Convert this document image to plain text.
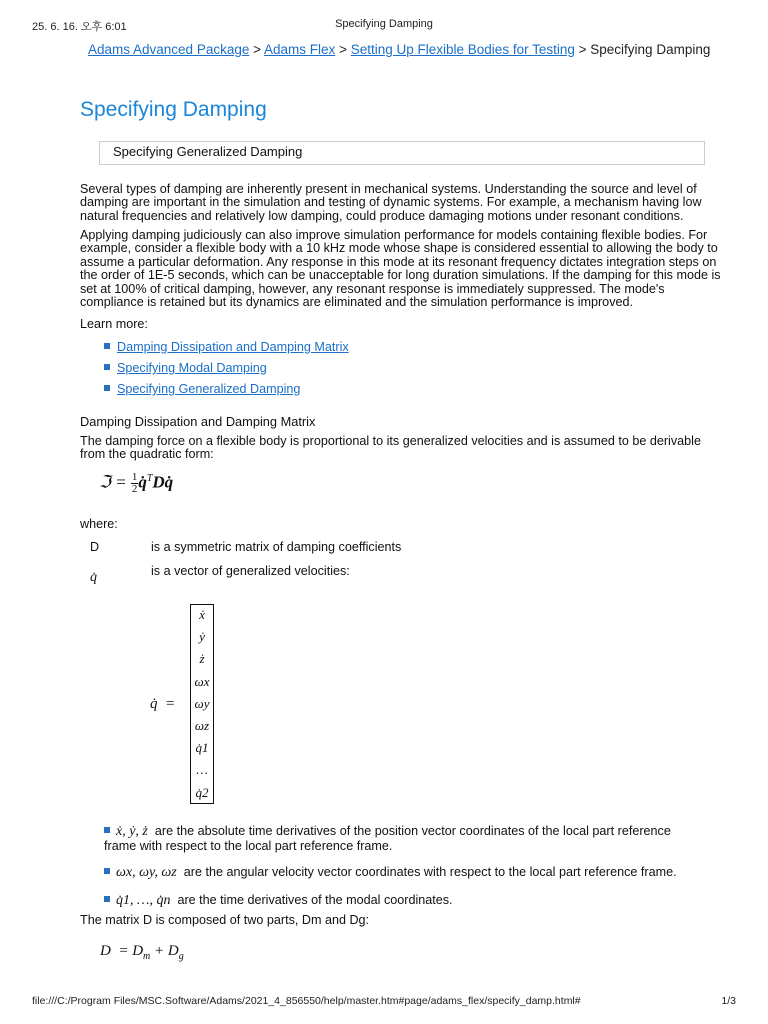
25. 6. 16. 오후 6:01	Specifying Damping
Adams Advanced Package > Adams Flex > Setting Up Flexible Bodies for Testing > Specifying Damping
Specifying Damping
Specifying Generalized Damping

Several types of damping are inherently present in mechanical systems. Understanding the source and level of damping are important in the simulation and testing of dynamic systems. For example, a mechanism having low natural frequencies and relatively low damping, could produce damaging motions under resonant conditions.

Applying damping judiciously can also improve simulation performance for models containing flexible bodies. For example, consider a flexible body with a 10 kHz mode whose shape is considered essential to allowing the body to assume a particular deformation. Any response in this mode at its resonant frequency dictates integration steps on the order of 1E-5 seconds, which can be unacceptable for long duration simulations. If the damping for this mode is set at 100% of critical damping, however, any resonant response is immediately suppressed. The mode's compliance is retained but its dynamics are eliminated and the simulation performance is improved.

Learn more:

Damping Dissipation and Damping Matrix
Specifying Modal Damping
Specifying Generalized Damping
Damping Dissipation and Damping Matrix

The damping force on a flexible body is proportional to its generalized velocities and is assumed to be derivable from the quadratic form:

ℑ = $\frac{1}{2}q̇^TDq̇$
where:
D	is a symmetric matrix of damping coefficients
q̇	is a vector of generalized velocities:
q̇  =
ẋ
ẏ
ż
ωx
ωy
ωz
q̇1
…
q̇2
ẋ, ẏ, ż are the absolute time derivatives of the position vector coordinates of the local part reference frame with respect to the local part reference frame.
ωx, ωy, ωz are the angular velocity vector coordinates with respect to the local part reference frame.
q̇1, …, q̇n are the time derivatives of the modal coordinates.

The matrix D is composed of two parts, Dm and Dg:

$D = D_m + D_g$
file:///C:/Program Files/MSC.Software/Adams/2021_4_856550/help/master.htm#page/adams_flex/specify_damp.html#	1/3
